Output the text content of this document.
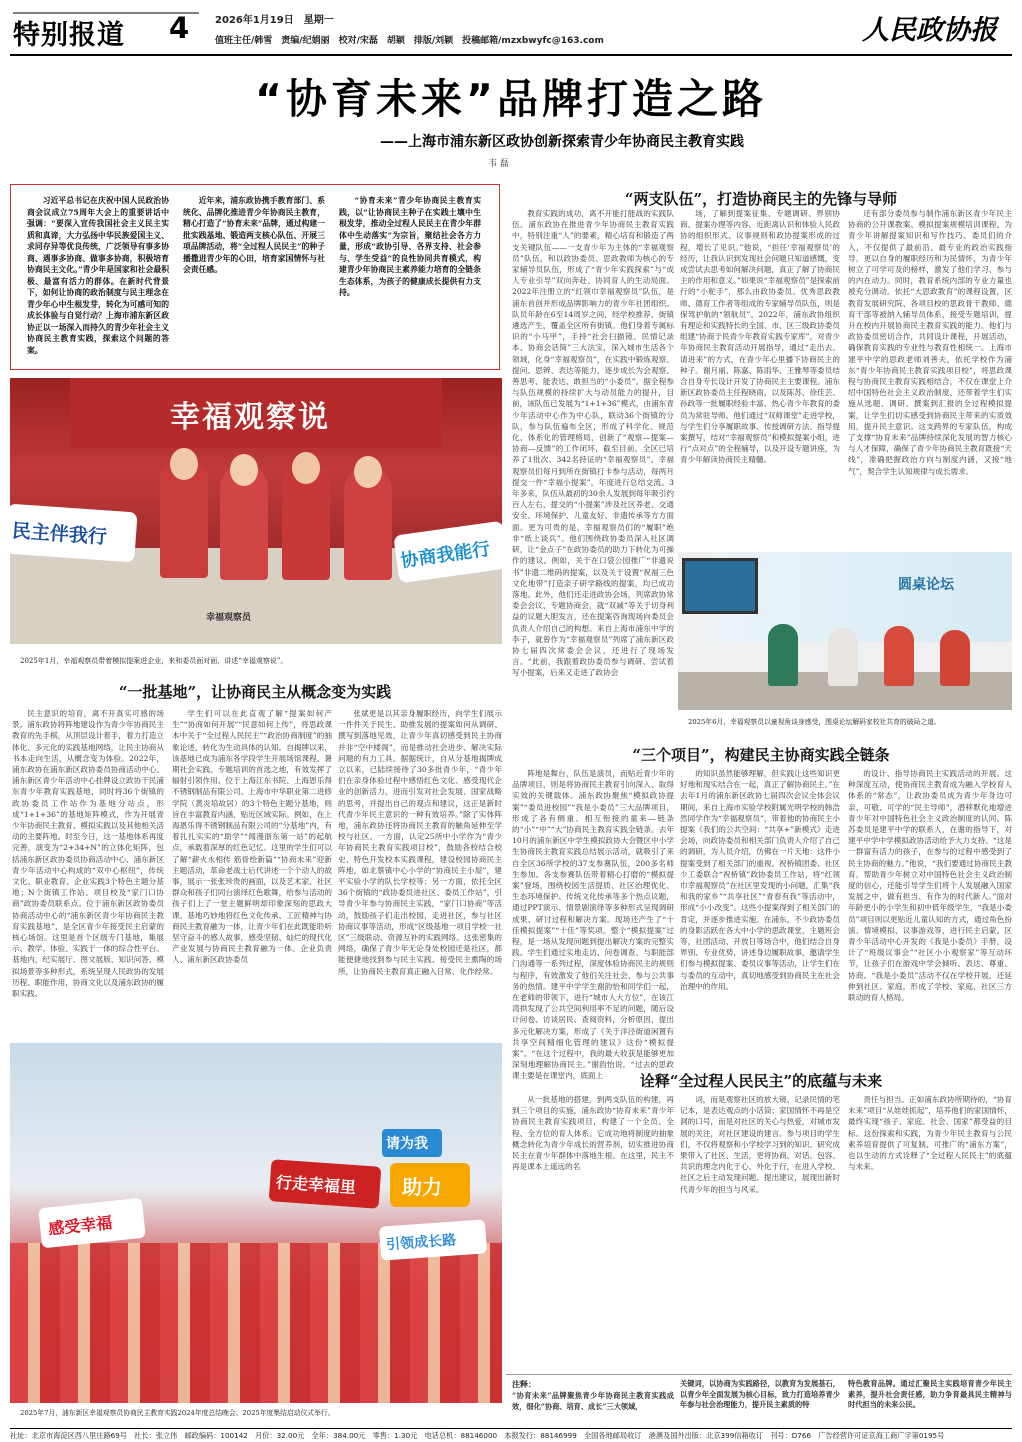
特别报道 4	2026年1月19日　 星期一
值班主任/韩雪　责编/纪娟丽　校对/宋磊　胡颖　排版/刘颖　投稿邮箱/mzxbwyfc@163.com	人民政协报
“协育未来”品牌打造之路
——上海市浦东新区政协创新探索青少年协商民主教育实践
韦 磊
习近平总书记在庆祝中国人民政治协商会议成立75周年大会上的重要讲话中强调：“要深入宣传我国社会主义民主实质和真谛，大力弘扬中华民族爱国主义、求同存异等优良传统，广泛领导有事多协商、遇事多协商、做事多协商，积极培育协商民主文化。”青少年是国家和社会最积极、最富有活力的群体。在新时代背景下，如何让协商的政治制度与民主理念在青少年心中生根发芽，转化为可感可知的成长体验与自觉行动？上海市浦东新区政协正以一场深入而持久的青少年社会主义协商民主教育实践，探索这个问题的答案。
近年来，浦东政协携手教育部门、系统化、品牌化推进青少年协商民主教育，精心打造了“协育未来”品牌，通过构建一批实践基地、锻造两支核心队伍、开展三项品牌活动，将“全过程人民民主”的种子播撒进青少年的心田，培育家国情怀与社会责任感。
“协育未来”青少年协商民主教育实践，以“让协商民主种子在实践土壤中生根发芽，推动全过程人民民主在青少年群体中生动落实”为宗旨，聚结社会各方力量，形成“政协引导、各界支持、社会参与、学生受益”的良性协同共育模式，构建青少年协商民主素养能力培育的全链条生态体系，为孩子的健康成长提供有力支持。
幸福观察说
民主伴我行
协商我能行
幸福观察员
2025年1月，幸福观察员带着模拟提案进企业，来和委员面对面，讲述“幸福观察说”。
“一批基地”，让协商民主从概念变为实践
民主意识的培育，离不开真实可感的场景。浦东政协将阵地建设作为青少年协商民主教育的先手棋，从顶层设计着手，着力打造立体化、多元化的实践基地网络，让民主协商从书本走向生活，从概念变为体验。2022年，浦东政协在浦东新区政协委员协商活动中心、浦东新区青少年活动中心挂牌设立政协干民浦东青少年教育实践基地，同时将36个街镇的政协委员工作站作为基地分站点，形成“1+1+36”的基地矩阵模式，作为开展青少年协商民主教育、模拟实践以及其他相关活动的主要阵地。时至今日，这一基地体系再度完善，演变为“2+34+N”的立体化矩阵，包括浦东新区政协委员协商活动中心、浦东新区青少年活动中心构成的“双中心枢纽”，传统文化、职业教育、企业实践3个特色主题分基地；N个街镇工作站、项目校及“家门口协商”政协委员联系点。位于浦东新区政协委员协商活动中心的“浦东新区青少年协商民主教育实践基地”，是全区青少年接受民主启蒙的核心场馆。这里是首个区级专门基地，集展示、教学、体验、实践于一体的综合性平台。基地内，纪实展厅、图文展版、知识问答、模拟场景等多种形式，系统呈现人民政协的发展历程、职能作用，协商文化以及浦东政协的履职实践。
学生们可以在此直观了解“提案如何产生”“协商如何开展”“民意如何上传”，将思政课本中关于“全过程人民民主”“政治协商制度”的抽象论述，转化为生动具体的认知。自揭牌以来，该基地已成为浦东各学段学生开展场馆课程、暑期社会实践、专题培训的首选之地，有效发挥了辐射引领作用。位于上海江东书院、上海恩乐得不锈钢制品有限公司、上海市中华职业第二进修学院（黄炎培故居）的3个特色主题分基地，则旨在丰富教育内涵，贴近区域实际。例如，在上海恩乐得不锈钢制品有限公司的“分基地”内，有着扎扎实实的“助学”“闻漫浙东第一站”的起航点，承载着深厚的红色记忆。这里的学生们可以了解“薪火永相传 筋骨绘新篇”“协商未来”迎新主题活动，革命老战士后代讲述一个个动人的故事，展示一张张珍贵的画面，以及艺术家、社区群众和孩子们同台演绎红色歌舞，给参与活动的孩子们上了一堂主题鲜明却印象深刻的思政大课。基地巧妙地将红色文化传承、工匠精神与协商民主教育融为一体，让青少年们在此既能聆听坚守奋斗的感人故事，感受坚韧、灿烂的现代化产业发展与协商民主教育融为一体。企业负责人、浦东新区政协委员
张斌更是以其亲身履职经历，向学生们展示一件件关于民生、助推发展的提案如何从调研、撰写到落地见效，让青少年真切感受到民主协商并非“空中楼阁”，而是推动社会进步、解决实际问题的有力工具。据据统计，自从分基地揭牌成立以来，已陆续接待了30多批青少年，“青少年们在亲身体验过程中感悟红色文化、感受现代企业的创新活力，进而引发对社会发展、国家战略的思考，并提出自己的观点和建议，这正是新时代青少年民主意识的一种有效培养。”除了实体阵地，浦东政协还将协商民主教育的触角延伸至学校与社区。一方面，认定25所中小学作为“青少年协商民主教育实践项目校”，鼓励各校结合校史、特色开发校本实践课程，建设校园协商民主阵地，如北蔡镇中心小学的“协商民主小屋”，建平实验小学的队长学校等；另一方面，依托全区36个街镇的“政协委员进社区、委员工作站”，引导青少年参与协商民主实践，“家门口协商”等活动，鼓励孩子们走出校园，走进社区，参与社区协商议事等活动，形成“区级基地一项目学校一社区”三级联动、资源互补的实践网络。这张密集的网络，确保了青少年无论身处校园还是社区，都能便捷地找到参与民主实践、接受民主熏陶的场所，让协商民主教育真正融入日常、化作经常。
感受幸福
行走幸福里
请为我
助力
引领成长路
2025年7月，浦东新区幸福观察员协商民主教育实践2024年度总结晚会、2025年度集结启动仪式举行。
“两支队伍”，打造协商民主的先锋与导师
教育实践的成功，离不开能打能战的实践队伍。浦东政协在推进青少年协商民主教育实践中，特别注重“人”的要素，精心培育和锻造了两支关键队伍——一支青少年为主体的“幸福观察员”队伍，和以政协委员、思政教师为核心的专家辅导员队伍，形成了“青少年实践探索”与“成人专业引导”双向奔赴、协同育人的生动局面。2022年注册立的“红领巾幸福观察员”队伍，是浦东首创并形成品牌影响力的青少年社团组织。队员年龄在6至14周岁之间，经学校推荐、街镇遴选产生，覆盖全区所有街镇。他们身着专属标识的“小马甲”，手持“社会扫描镜、民情记录本、协商会话简”三大法宝，深入城市生活各个领域，化身“幸福观察员”，在实践中锻炼观察、提问、思辨、表达等能力，逐步成长为会观察、善思考、能表达、敢担当的“小委员”。据全程参与队伍规模的持续扩大与动员能力的提升，目前，该队伍已发展为“1+1+36”模式，由浦东青少年活动中心作为中心队，联动36个街镇的分队，参与队伍遍布全区，形成了科学化、规范化、体系化的管理格局，创新了“观察—提案—协商—反馈”的工作闭环，截至目前，全区已培养了1批次、342名持证的“幸福观察员”。幸福观察员们每月到所在街镇打卡参与活动，每两月提交一件“幸福小提案”，年度进行总结交流。3年多来，队伍从最初的30余人发展到每年吸引约百人左右，提交的“小提案”涉及社区养老、交通安全、环境保护、儿童友好、非遗传承等方方面面。更为可贵的是，幸福观察员们的“履职”绝非“纸上谈兵”。他们围绕政协委员深入社区调研，让“金点子”在政协委员的助力下转化为可操作的建议。例如，关于在口袋公园推广“非遗说书”非遗二维码的提案，以及关于设置“祝福三色文化地带”打造亲子研学路线的提案，均已成功落地。此外，他们还走进政协会场，列席政协常委会会议、专题协商会，就“双减”等关于切身利益的议题大胆发言，还在提案咨询现场向委员会负责人介绍自己的构想。来自上海市浦东中学的李子，就曾作为“幸福观察员”列席了浦东新区政协七届四次常委会会议，还进行了现场发言。“此前，我跟着政协委员参与调研、尝试着写小提案，后来又走进了政协会
场，了解到提案征集、专题调研、界别协商、提案办理等内容，近距离认识和体验人民政协的组织形式、议事规则和政协提案形成的过程，增长了见识。”他说，“担任‘幸福观察员’的经历，让我认识到发现社会问题只知道感慨，变成尝试去思考如何解决问题，真正了解了协商民主的作用和意义。”如果说“幸福观察员”是探索前行的“小舵手”，那么由政协委员、优秀思政教师、德育工作者等组成的专家辅导员队伍，则是保驾护航的“领航员”。2022年，浦东政协组织有理论和实践特长的全国、市、区三级政协委员组建“协商于民青少年教育实践专家库”，对青少年协商民主教育活动开展指导，通过“走出去、请进来”的方式，在青少年心里播下协商民主的种子。谢月丽、陈嘉、陈雨华、王雅琴等委员结合自身专长设计开发了协商民主主要课程。浦东新区政协委员主任程晓雨，以及陈苏、徐佳芸、孙政等一批履职经验丰富、热心青少年教育的委员为常驻导师。他们通过“双师课堂”走进学校，与学生们分享履职故事、传授调研方法、指导提案撰写，结对“幸福观察员”和模拟提案小组，进行“点对点”的全程辅导，以及开设专题讲座，为青少年解读协商民主精髓。
还有部分委员参与制作浦东新区青少年民主协商的公开课教案、模拟提案规模培训课程，为青少年讲解提案知识和写作技巧。委员们的介入，不仅提供了最前沿、最专业的政治实践指导，更以自身的履职经历和为民情怀，为青少年树立了可学可及的榜样，激发了他们学习、参与的内在动力。同时，教育系统内部的专业力量也被充分调动。依托“大思政教育”的课程设置，区教育发展研究院、各项目校的思政骨干教师、德育干部等被纳入辅导员体系，接受专题培训，提升在校内开展协商民主教育实践的能力。他们与政协委员密切合作，共同设计课程，开展活动，确保教育实践的专业性与教育性相统一。上海市建平中学的思政老师刘善夫，依托学校作为浦东“青少年协商民主教育实践项目校”，将思政课程与协商民主教育实践相结合，不仅在课堂上介绍中国特色社会主义政治制度，还带着学生们实施从选题、调研、撰案到汇报的全过程模拟提案，让学生们切实感受到协商民主带来的实质效用，提升民主意识。这支跨界的专家队伍，构成了支撑“协育未来”品牌持续深化发展的智力核心与人才保障，确保了青少年协商民主教育既接“天线”，准确把握政治方向与制度内涵，又接“地气”，契合学生认知规律与成长需求。
圆桌论坛
2025年6月，幸福观察员以童视角谈身感受，围桌论坛解码家校社共育的破局之道。
“三个项目”，构建民主协商实践全链条
阵地是舞台，队伍是演员，而贴近青少年的品牌项目，则是将协商民主教育引向深入、取得实效的关键载体。浦东政协聚焦“模拟政协提案”“委员进校园”“我是小委员”三大品牌项目，形成了各有侧重、相互衔接的童来—链条的“小”“中”“大”协商民主教育实践全链条。去年10月的浦东新区中学生模拟政协大会暨区中小学生协商民主教育实践总结展示活动，就吸引了来自全区36所学校的37支参赛队伍，200多名师生参加。各支参赛队伍带着精心打磨的“模拟提案”登场，围绕校园生活提质、社区治理优化、生态环境保护、传统文化传承等多个热点议题，通过PPT演示、情景剧演绎等多种形式呈现调研成果、研讨过程和解决方案。现场还产生了“十佳模拟提案”“十佳”等奖项。整个“模拟提案”过程，是一场从发现问题到提出解决方案的完整实践。学生们通过实地走访、问卷调查、与职能部门沟通等一系列过程，深度体验协商民主的规则与程序，有效激发了他们关注社会、参与公共事务的热情。建平中学学生谢韵怡和同学们一起，在老师的带领下，进行“城市人大方位”，在该江湾拱发现了公共空间利用率不足的问题，随后设计问卷、访谈居民、查阅资料，分析原因，提出多元化解决方案，形成了《关于洋泾街道闲置有共享空间精细化管理的建议》这份“模拟提案”。“在这个过程中，我的最大收获是能够更加深刻地理解协商民主。”谢韵怡说。“过去的思政课主要是在课堂内，底面上
的知识虽然能够理解，但实践让这些知识更好地和现实结合在一起，真正了解协商民主。”在去年1月的浦东新区政协七届四次会议全体会议期间，来自上海市实验学校附属光明学校的韩浩然同学作为“幸福观察员”，带着他的协商民主小提案《我们的公共空间：“共享+”新模式》走进会场，向政协委员和相关部门负责人介绍了自己的调研，为人员介绍，仿佛在一片天地：这件小提案受到了相关部门的重视。祝桥镇团委、社区少工委联合“祝桥镇”政协委员工作站，将“红领巾幸福观察员”在社区里发现的小问题，汇集“我和我的家乡”“共享社区”“青春有我”等活动中，形成“小小改变”。这些小提案得到了相关部门的肯定，并逐步推进实施。在浦东，不少政协委员的身影活跃在各大中小学的思政课堂，主题班会等，社团活动、开放日等场合中，他们结合自身界别、专业优势，讲述身边履职故事，邀请学生们参与模拟提案、委员议事等活动，让学生们在与委员的互动中，真切地感受到协商民主在社会治理中的作用。
的设计、指导协商民主实践活动的开展。这种深度互动，使协商民主教育成为融入学校育人体系的“常态”，让政协委员成为青少年身边可亲、可敬、可学的“民主导师”，潜移默化地增进青少年对中国特色社会主义政治制度的认同。陈苏委员是建平中学的联系人，在谢的指导下，对建平中学中学模拟政协活动给予大力支持。“这是一群富有活力的孩子，在参与的过程中感受到了民主协商的魅力。”他说，“我们要通过协商民主教育，帮助青少年树立对中国特色社会主义政治制度的信心，还能引导学生们将个人发展融入国家发展之中，做有担当、有作为的时代新人。”面对年龄更小的小学生和初中低年级学生，“我是小委员”项目则以更贴近儿童认知的方式，通过角色扮演、情境模拟、议事游戏等，进行民主启蒙。区青少年活动中心开发的《我是小委员》手册，设计了“班级议事会”“社区小小观察家”等互动环节，让孩子们在游戏中学会倾听、表达、尊重、协商。“我是小委员”活动不仅在学校开展，还延伸到社区、家庭，形成了学校、家庭、社区三方联动的育人格局。
诠释“全过程人民民主”的底蕴与未来
从一批基地的搭建，到两支队伍的构建，再到三个项目的实施，浦东政协“协育未来”青少年协商民主教育实践项目，构建了一个全员、全程、全方位的育人体系。它成功地将制度的抽象概念转化为青少年成长的营养剂，切实推进协商民主在青少年群体中落地生根。在这里，民主不再是课本上遥远的名
词，而是观察社区的放大镜、记录民情的笔记本，是表达观点的小话筒；家国情怀不再是空洞的口号，而是对社区的关心与热爱，对城市发展的关注，对社区建设的建言。参与项目的学生们，不仅将观察和小学校学习到的知识、研究成果带入了社区、生活，更将协商、对话、包容、共识的理念内化于心、外化于行，在进入学校、社区之后主动发现问题、提出建议，展现出新时代青少年的担当与风采。
责任与担当。正如浦东政协所期待的，“协育未来”项目“从娃娃抓起”，培养他们的家国情怀，最终实现“孩子、家庭、社会、国家”都受益的目标。这份探索和实践，为青少年民主教育与公民素养培育提供了可复制、可推广的“浦东方案”，也以生动的方式诠释了“全过程人民民主”的底蕴与未来。
注释：
“协育未来”品牌聚焦青少年协商民主教育实践成效，细化“协商、培育、成长”三大领域，
关键词，以协商为实践路径，以教育为发展基石，以青少年全面发展为核心目标，致力打造培养青少年参与社会治理能力，提升民主素质的特
特色教育品牌。通过汇聚民主实践培育青少年民主素养，提升社会责任感，助力争育最具民主精神与时代担当的未来公民。
社址：北京市海淀区西八里庄路69号　社长：张立伟　邮政编码：100142　月价：32.00元　全年：384.00元　零售：1.30元　电话总机：88146000　本报发行：88146999　全国各地邮局收订　港澳及国外出版：北京399信箱收订　刊号：D766　广告经营许可证京海工商广字第0195号
